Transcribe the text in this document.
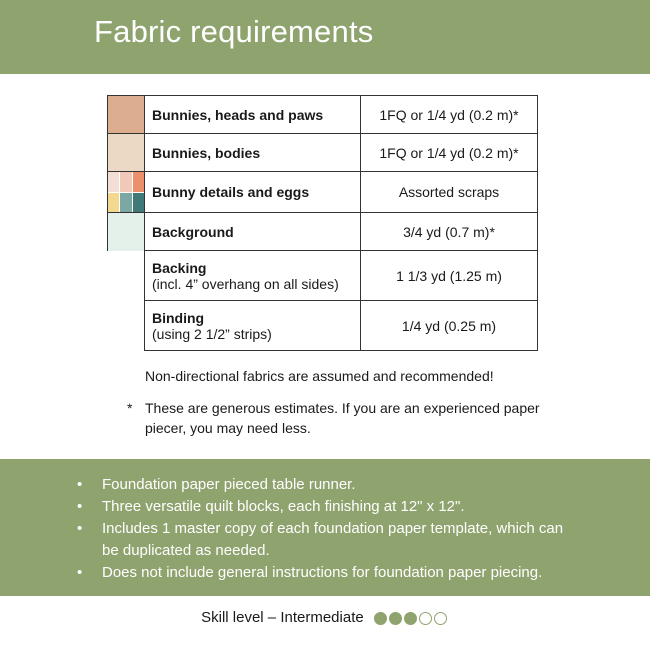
Fabric requirements
	Bunnies, heads and paws	1FQ or 1/4 yd (0.2 m)*

	Bunnies, bodies	1FQ or 1/4 yd (0.2 m)*

	Bunny details and eggs	Assorted scraps

	Background	3/4 yd (0.7 m)*
	Backing
(incl. 4” overhang on all sides)	1 1/3 yd (1.25 m)
	Binding
(using 2 1/2” strips)	1/4 yd (0.25 m)

Non-directional fabrics are assumed and recommended!

* These are generous estimates. If you are an experienced paper piecer, you may need less.

• Foundation paper pieced table runner.
• Three versatile quilt blocks, each finishing at 12" x 12".
• Includes 1 master copy of each foundation paper template, which can be duplicated as needed.
• Does not include general instructions for foundation paper piecing.
Skill level – Intermediate
